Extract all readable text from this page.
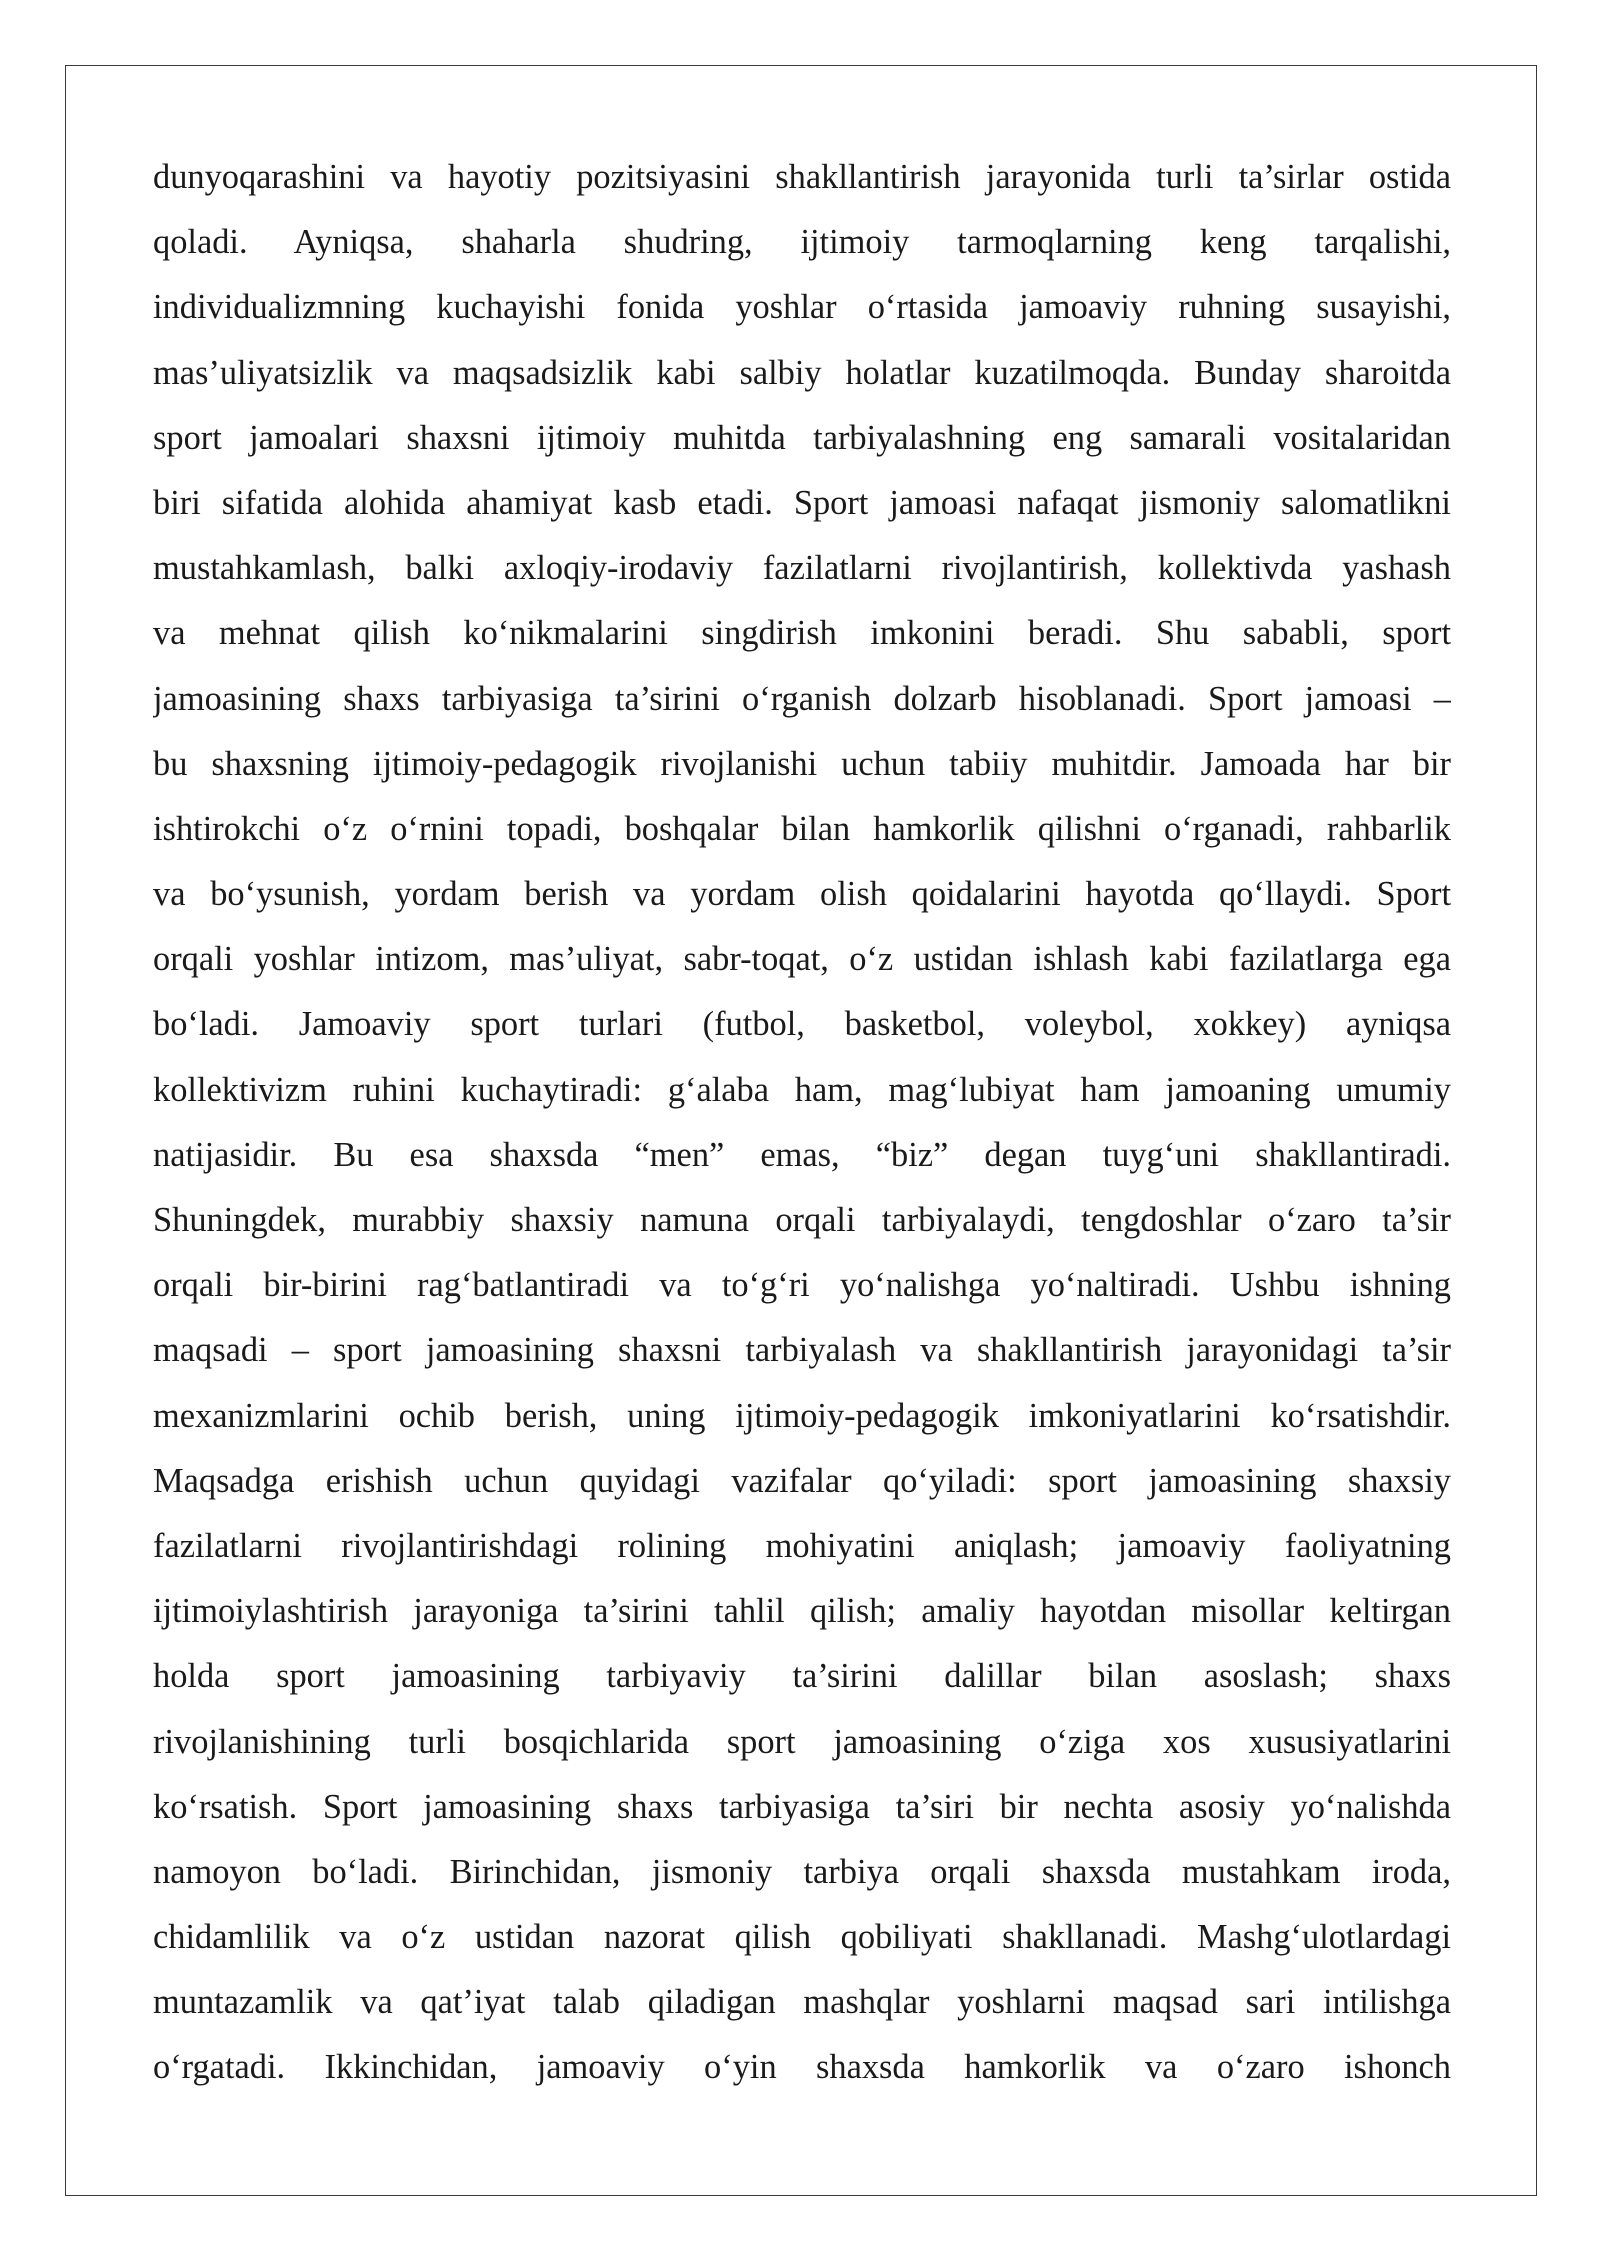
dunyoqarashini va hayotiy pozitsiyasini shakllantirish jarayonida turli ta’sirlar ostida
qoladi. Ayniqsa, shaharla shudring, ijtimoiy tarmoqlarning keng tarqalishi,
individualizmning kuchayishi fonida yoshlar o‘rtasida jamoaviy ruhning susayishi,
mas’uliyatsizlik va maqsadsizlik kabi salbiy holatlar kuzatilmoqda. Bunday sharoitda
sport jamoalari shaxsni ijtimoiy muhitda tarbiyalashning eng samarali vositalaridan
biri sifatida alohida ahamiyat kasb etadi. Sport jamoasi nafaqat jismoniy salomatlikni
mustahkamlash, balki axloqiy-irodaviy fazilatlarni rivojlantirish, kollektivda yashash
va mehnat qilish ko‘nikmalarini singdirish imkonini beradi. Shu sababli, sport
jamoasining shaxs tarbiyasiga ta’sirini o‘rganish dolzarb hisoblanadi. Sport jamoasi –
bu shaxsning ijtimoiy-pedagogik rivojlanishi uchun tabiiy muhitdir. Jamoada har bir
ishtirokchi o‘z o‘rnini topadi, boshqalar bilan hamkorlik qilishni o‘rganadi, rahbarlik
va bo‘ysunish, yordam berish va yordam olish qoidalarini hayotda qo‘llaydi. Sport
orqali yoshlar intizom, mas’uliyat, sabr-toqat, o‘z ustidan ishlash kabi fazilatlarga ega
bo‘ladi. Jamoaviy sport turlari (futbol, basketbol, voleybol, xokkey) ayniqsa
kollektivizm ruhini kuchaytiradi: g‘alaba ham, mag‘lubiyat ham jamoaning umumiy
natijasidir. Bu esa shaxsda “men” emas, “biz” degan tuyg‘uni shakllantiradi.
Shuningdek, murabbiy shaxsiy namuna orqali tarbiyalaydi, tengdoshlar o‘zaro ta’sir
orqali bir-birini rag‘batlantiradi va to‘g‘ri yo‘nalishga yo‘naltiradi. Ushbu ishning
maqsadi – sport jamoasining shaxsni tarbiyalash va shakllantirish jarayonidagi ta’sir
mexanizmlarini ochib berish, uning ijtimoiy-pedagogik imkoniyatlarini ko‘rsatishdir.
Maqsadga erishish uchun quyidagi vazifalar qo‘yiladi: sport jamoasining shaxsiy
fazilatlarni rivojlantirishdagi rolining mohiyatini aniqlash; jamoaviy faoliyatning
ijtimoiylashtirish jarayoniga ta’sirini tahlil qilish; amaliy hayotdan misollar keltirgan
holda sport jamoasining tarbiyaviy ta’sirini dalillar bilan asoslash; shaxs
rivojlanishining turli bosqichlarida sport jamoasining o‘ziga xos xususiyatlarini
ko‘rsatish. Sport jamoasining shaxs tarbiyasiga ta’siri bir nechta asosiy yo‘nalishda
namoyon bo‘ladi. Birinchidan, jismoniy tarbiya orqali shaxsda mustahkam iroda,
chidamlilik va o‘z ustidan nazorat qilish qobiliyati shakllanadi. Mashg‘ulotlardagi
muntazamlik va qat’iyat talab qiladigan mashqlar yoshlarni maqsad sari intilishga
o‘rgatadi. Ikkinchidan, jamoaviy o‘yin shaxsda hamkorlik va o‘zaro ishonch
